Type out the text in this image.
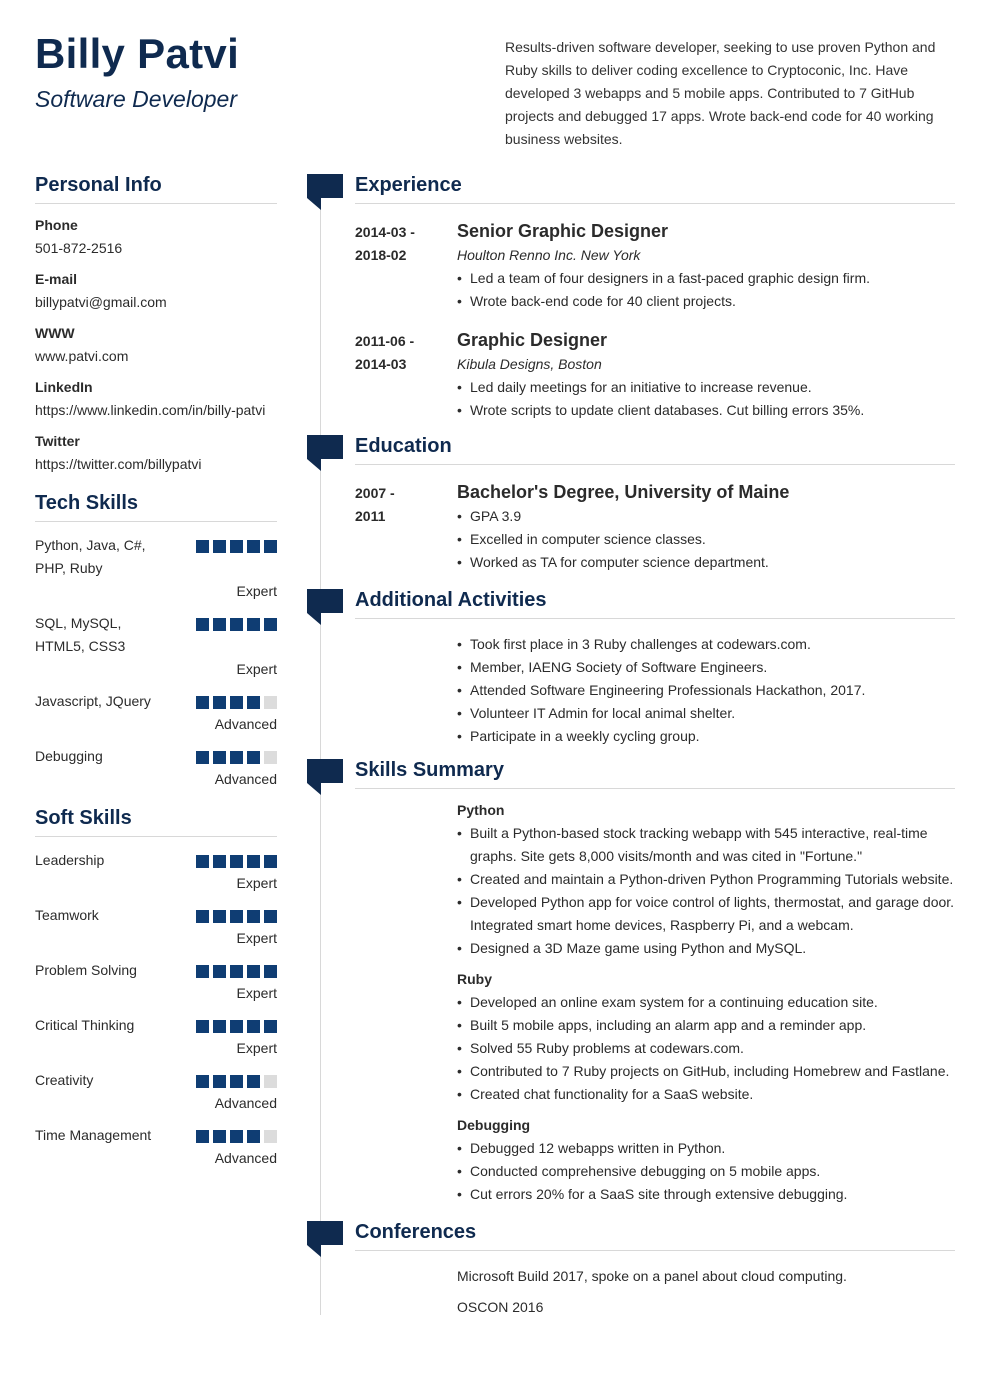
Billy Patvi
Software Developer
Results-driven software developer, seeking to use proven Python and Ruby skills to deliver coding excellence to Cryptoconic, Inc. Have developed 3 webapps and 5 mobile apps. Contributed to 7 GitHub projects and debugged 17 apps. Wrote back-end code for 40 working business websites.
Personal Info
Phone
501-872-2516
E-mail
billypatvi@gmail.com
WWW
www.patvi.com
LinkedIn
https://www.linkedin.com/in/billy-patvi
Twitter
https://twitter.com/billypatvi
Tech Skills
Python, Java, C#, PHP, Ruby
Expert
SQL, MySQL, HTML5, CSS3
Expert
Javascript, JQuery
Advanced
Debugging
Advanced
Soft Skills
Leadership
Expert
Teamwork
Expert
Problem Solving
Expert
Critical Thinking
Expert
Creativity
Advanced
Time Management
Advanced
Experience
2014-03 -
2018-02
Senior Graphic Designer
Houlton Renno Inc. New York
• Led a team of four designers in a fast-paced graphic design firm.
• Wrote back-end code for 40 client projects.
2011-06 -
2014-03
Graphic Designer
Kibula Designs, Boston
• Led daily meetings for an initiative to increase revenue.
• Wrote scripts to update client databases. Cut billing errors 35%.
Education
2007 -
2011
Bachelor's Degree, University of Maine
• GPA 3.9
• Excelled in computer science classes.
• Worked as TA for computer science department.
Additional Activities
• Took first place in 3 Ruby challenges at codewars.com.
• Member, IAENG Society of Software Engineers.
• Attended Software Engineering Professionals Hackathon, 2017.
• Volunteer IT Admin for local animal shelter.
• Participate in a weekly cycling group.
Skills Summary
Python
• Built a Python-based stock tracking webapp with 545 interactive, real-time graphs. Site gets 8,000 visits/month and was cited in "Fortune."
• Created and maintain a Python-driven Python Programming Tutorials website.
• Developed Python app for voice control of lights, thermostat, and garage door. Integrated smart home devices, Raspberry Pi, and a webcam.
• Designed a 3D Maze game using Python and MySQL.
Ruby
• Developed an online exam system for a continuing education site.
• Built 5 mobile apps, including an alarm app and a reminder app.
• Solved 55 Ruby problems at codewars.com.
• Contributed to 7 Ruby projects on GitHub, including Homebrew and Fastlane.
• Created chat functionality for a SaaS website.
Debugging
• Debugged 12 webapps written in Python.
• Conducted comprehensive debugging on 5 mobile apps.
• Cut errors 20% for a SaaS site through extensive debugging.
Conferences
Microsoft Build 2017, spoke on a panel about cloud computing.
OSCON 2016
